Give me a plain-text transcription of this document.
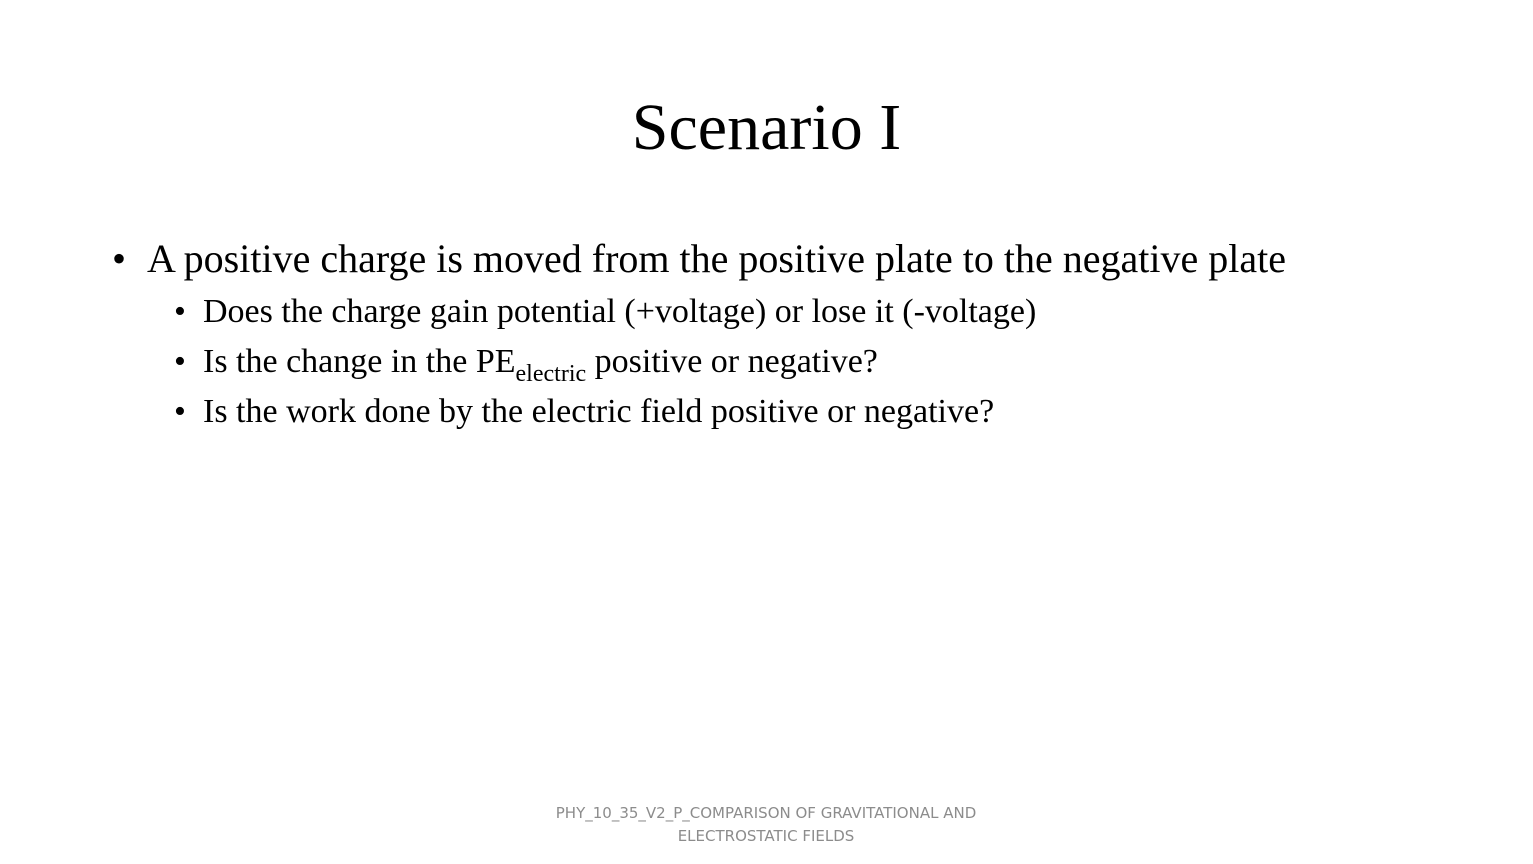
Scenario I
• A positive charge is moved from the positive plate to the negative plate
• Does the charge gain potential (+voltage) or lose it (-voltage)
• Is the change in the $PE_{electric}$ positive or negative?
• Is the work done by the electric field positive or negative?
PHY_10_35_V2_P_COMPARISON OF GRAVITATIONAL AND
ELECTROSTATIC FIELDS
